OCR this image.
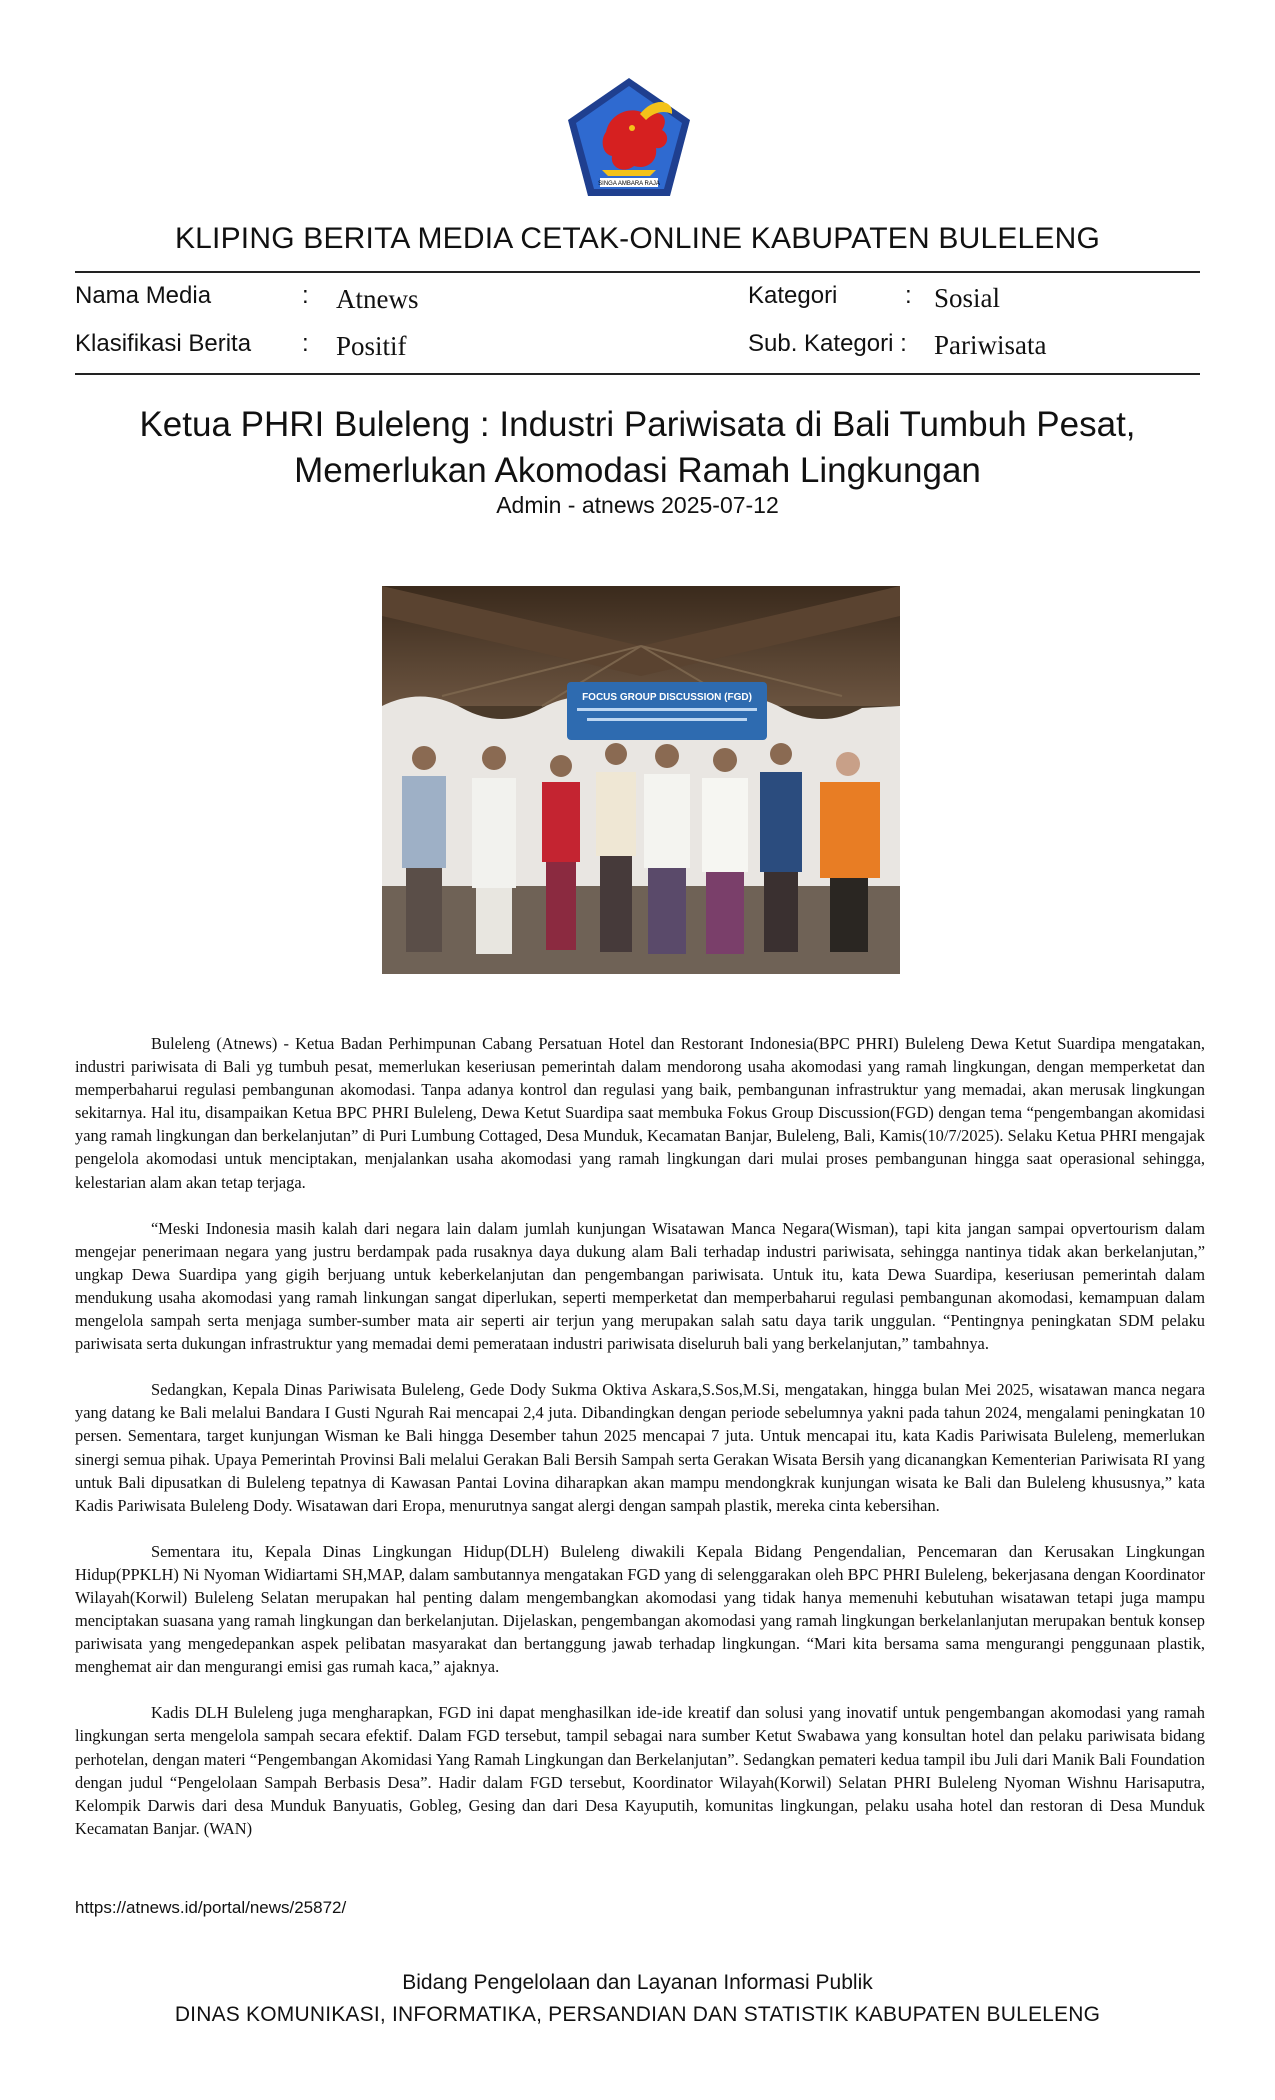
SINGA AMBARA RAJA
KLIPING BERITA MEDIA CETAK-ONLINE KABUPATEN BULELENG
Nama Media	: Atnews
Klasifikasi Berita : Positif
Kategori	: Sosial
Sub. Kategori : Pariwisata
Ketua PHRI Buleleng : Industri Pariwisata di Bali Tumbuh Pesat,
Memerlukan Akomodasi Ramah Lingkungan
Admin - atnews 2025-07-12
FOCUS GROUP DISCUSSION (FGD)

Buleleng (Atnews) - Ketua Badan Perhimpunan Cabang Persatuan Hotel dan Restorant Indonesia(BPC PHRI) Buleleng Dewa Ketut Suardipa mengatakan, industri pariwisata di Bali yg tumbuh pesat, memerlukan keseriusan pemerintah dalam mendorong usaha akomodasi yang ramah lingkungan, dengan memperketat dan memperbaharui regulasi pembangunan akomodasi. Tanpa adanya kontrol dan regulasi yang baik, pembangunan infrastruktur yang memadai, akan merusak lingkungan sekitarnya. Hal itu, disampaikan Ketua BPC PHRI Buleleng, Dewa Ketut Suardipa saat membuka Fokus Group Discussion(FGD) dengan tema “pengembangan akomidasi yang ramah lingkungan dan berkelanjutan” di Puri Lumbung Cottaged, Desa Munduk, Kecamatan Banjar, Buleleng, Bali, Kamis(10/7/2025). Selaku Ketua PHRI mengajak pengelola akomodasi untuk menciptakan, menjalankan usaha akomodasi yang ramah lingkungan dari mulai proses pembangunan hingga saat operasional sehingga, kelestarian alam akan tetap terjaga.

“Meski Indonesia masih kalah dari negara lain dalam jumlah kunjungan Wisatawan Manca Negara(Wisman), tapi kita jangan sampai opvertourism dalam mengejar penerimaan negara yang justru berdampak pada rusaknya daya dukung alam Bali terhadap industri pariwisata, sehingga nantinya tidak akan berkelanjutan,” ungkap Dewa Suardipa yang gigih berjuang untuk keberkelanjutan dan pengembangan pariwisata. Untuk itu, kata Dewa Suardipa, keseriusan pemerintah dalam mendukung usaha akomodasi yang ramah linkungan sangat diperlukan, seperti memperketat dan memperbaharui regulasi pembangunan akomodasi, kemampuan dalam mengelola sampah serta menjaga sumber-sumber mata air seperti air terjun yang merupakan salah satu daya tarik unggulan. “Pentingnya peningkatan SDM pelaku pariwisata serta dukungan infrastruktur yang memadai demi pemerataan industri pariwisata diseluruh bali yang berkelanjutan,” tambahnya.

Sedangkan, Kepala Dinas Pariwisata Buleleng, Gede Dody Sukma Oktiva Askara,S.Sos,M.Si, mengatakan, hingga bulan Mei 2025, wisatawan manca negara yang datang ke Bali melalui Bandara I Gusti Ngurah Rai mencapai 2,4 juta. Dibandingkan dengan periode sebelumnya yakni pada tahun 2024, mengalami peningkatan 10 persen. Sementara, target kunjungan Wisman ke Bali hingga Desember tahun 2025 mencapai 7 juta. Untuk mencapai itu, kata Kadis Pariwisata Buleleng, memerlukan sinergi semua pihak. Upaya Pemerintah Provinsi Bali melalui Gerakan Bali Bersih Sampah serta Gerakan Wisata Bersih yang dicanangkan Kementerian Pariwisata RI yang untuk Bali dipusatkan di Buleleng tepatnya di Kawasan Pantai Lovina diharapkan akan mampu mendongkrak kunjungan wisata ke Bali dan Buleleng khususnya,” kata Kadis Pariwisata Buleleng Dody. Wisatawan dari Eropa, menurutnya sangat alergi dengan sampah plastik, mereka cinta kebersihan.

Sementara itu, Kepala Dinas Lingkungan Hidup(DLH) Buleleng diwakili Kepala Bidang Pengendalian, Pencemaran dan Kerusakan Lingkungan Hidup(PPKLH) Ni Nyoman Widiartami SH,MAP, dalam sambutannya mengatakan FGD yang di selenggarakan oleh BPC PHRI Buleleng, bekerjasana dengan Koordinator Wilayah(Korwil) Buleleng Selatan merupakan hal penting dalam mengembangkan akomodasi yang tidak hanya memenuhi kebutuhan wisatawan tetapi juga mampu menciptakan suasana yang ramah lingkungan dan berkelanjutan. Dijelaskan, pengembangan akomodasi yang ramah lingkungan berkelanlanjutan merupakan bentuk konsep pariwisata yang mengedepankan aspek pelibatan masyarakat dan bertanggung jawab terhadap lingkungan. “Mari kita bersama sama mengurangi penggunaan plastik, menghemat air dan mengurangi emisi gas rumah kaca,” ajaknya.

Kadis DLH Buleleng juga mengharapkan, FGD ini dapat menghasilkan ide-ide kreatif dan solusi yang inovatif untuk pengembangan akomodasi yang ramah lingkungan serta mengelola sampah secara efektif. Dalam FGD tersebut, tampil sebagai nara sumber Ketut Swabawa yang konsultan hotel dan pelaku pariwisata bidang perhotelan, dengan materi “Pengembangan Akomidasi Yang Ramah Lingkungan dan Berkelanjutan”. Sedangkan pemateri kedua tampil ibu Juli dari Manik Bali Foundation dengan judul “Pengelolaan Sampah Berbasis Desa”. Hadir dalam FGD tersebut, Koordinator Wilayah(Korwil) Selatan PHRI Buleleng Nyoman Wishnu Harisaputra, Kelompik Darwis dari desa Munduk Banyuatis, Gobleg, Gesing dan dari Desa Kayuputih, komunitas lingkungan, pelaku usaha hotel dan restoran di Desa Munduk Kecamatan Banjar. (WAN)

https://atnews.id/portal/news/25872/
Bidang Pengelolaan dan Layanan Informasi Publik
DINAS KOMUNIKASI, INFORMATIKA, PERSANDIAN DAN STATISTIK KABUPATEN BULELENG
